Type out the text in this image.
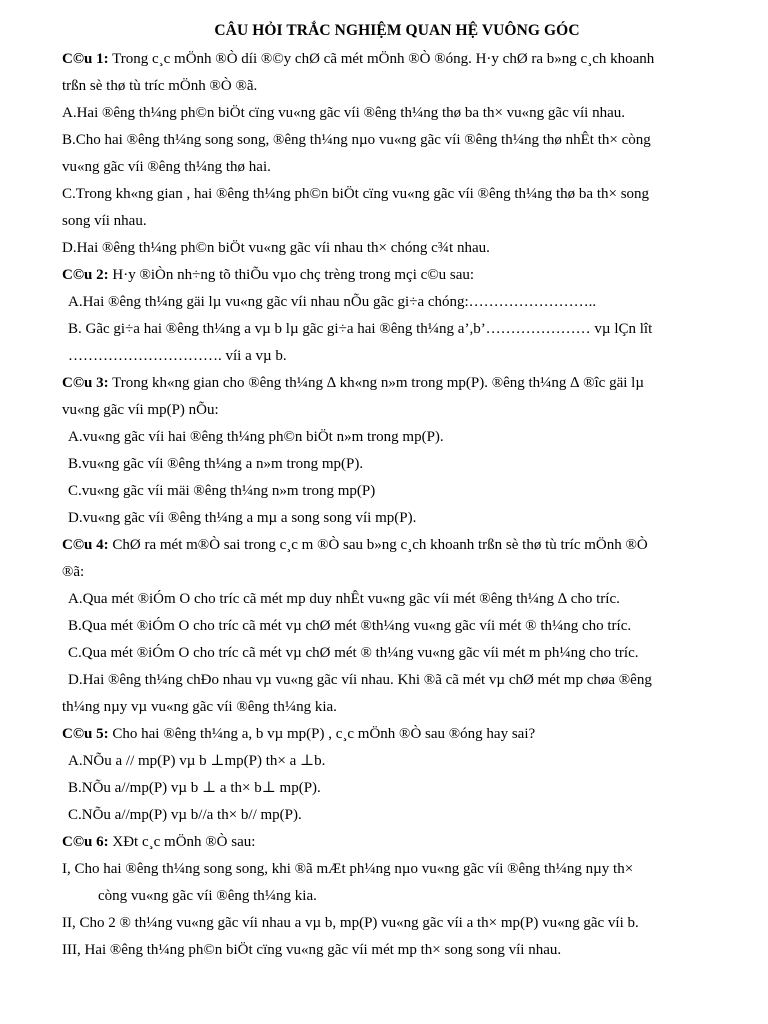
CÂU HỎI TRẮC NGHIỆM QUAN HỆ VUÔNG GÓC

C©u 1: Trong c¸c mÖnh ®Ò díi ®©y chØ cã mét mÖnh ®Ò ®óng. H·y chØ ra b»ng c¸ch khoanh

trßn sè thø tù tríc mÖnh ®Ò ®ã.

A.Hai ®êng th¼ng ph©n biÖt cïng vu«ng gãc víi ®êng th¼ng thø ba th× vu«ng gãc víi nhau.

B.Cho hai ®êng th¼ng song song, ®êng th¼ng nµo vu«ng gãc víi ®êng th¼ng thø nhÊt th× còng

vu«ng gãc víi ®êng th¼ng thø hai.

C.Trong kh«ng gian , hai ®êng th¼ng ph©n biÖt cïng vu«ng gãc víi ®êng th¼ng thø ba th× song

song víi nhau.

D.Hai ®êng th¼ng ph©n biÖt vu«ng gãc víi nhau th× chóng c¾t nhau.

C©u 2: H·y ®iÒn nh÷ng tõ thiÕu vµo chç trèng trong mçi c©u sau:

A.Hai ®êng th¼ng gäi lµ vu«ng gãc víi nhau nÕu gãc gi÷a chóng:……………………..

B. Gãc gi÷a hai ®êng th¼ng a vµ b lµ gãc gi÷a hai ®êng th¼ng a’,b’………………… vµ lÇn lît

…………………………. víi a vµ b.

C©u 3: Trong kh«ng gian cho ®êng th¼ng ∆ kh«ng n»m trong mp(P). ®êng th¼ng ∆ ®îc gäi lµ

vu«ng gãc víi mp(P) nÕu:

A.vu«ng gãc víi hai ®êng th¼ng ph©n biÖt n»m trong mp(P).

B.vu«ng gãc víi ®êng th¼ng a n»m trong mp(P).

C.vu«ng gãc víi mäi ®êng th¼ng n»m trong mp(P)

D.vu«ng gãc víi ®êng th¼ng a mµ a song song víi mp(P).

C©u 4: ChØ ra mét m®Ò sai trong c¸c m ®Ò sau b»ng c¸ch khoanh trßn sè thø tù tríc mÖnh ®Ò

®ã:

A.Qua mét ®iÓm O cho tríc cã mét mp duy nhÊt vu«ng gãc víi mét ®êng th¼ng ∆ cho tríc.

B.Qua mét ®iÓm O cho tríc cã mét vµ chØ mét ®th¼ng vu«ng gãc víi mét ® th¼ng cho tríc.

C.Qua mét ®iÓm O cho tríc cã mét vµ chØ mét ® th¼ng vu«ng gãc víi mét m ph¼ng cho tríc.

D.Hai ®êng th¼ng chÐo nhau vµ vu«ng gãc víi nhau. Khi ®ã cã mét vµ chØ mét mp chøa ®êng

th¼ng nµy vµ vu«ng gãc víi ®êng th¼ng kia.

C©u 5: Cho hai ®êng th¼ng a, b vµ mp(P) , c¸c mÖnh ®Ò sau ®óng hay sai?

A.NÕu a // mp(P) vµ b ⊥mp(P) th× a ⊥b.

B.NÕu a//mp(P) vµ b ⊥ a th× b⊥ mp(P).

C.NÕu a//mp(P) vµ b//a th× b// mp(P).

C©u 6: XÐt c¸c mÖnh ®Ò sau:

I, Cho hai ®êng th¼ng song song, khi ®ã mÆt ph¼ng nµo vu«ng gãc víi ®êng th¼ng nµy th×

còng vu«ng gãc víi ®êng th¼ng kia.

II, Cho 2 ® th¼ng vu«ng gãc víi nhau a vµ b, mp(P) vu«ng gãc víi a th× mp(P) vu«ng gãc víi b.

III, Hai ®êng th¼ng ph©n biÖt cïng vu«ng gãc víi mét mp th× song song víi nhau.
